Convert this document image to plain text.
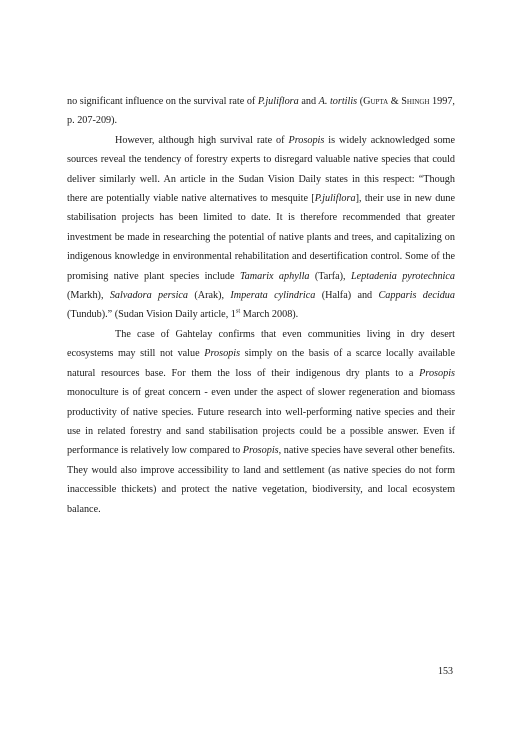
no significant influence on the survival rate of P.juliflora and A. tortilis (Gupta & Shingh 1997, p. 207-209).

However, although high survival rate of Prosopis is widely acknowledged some sources reveal the tendency of forestry experts to disregard valuable native species that could deliver similarly well. An article in the Sudan Vision Daily states in this respect: “Though there are potentially viable native alternatives to mesquite [P.juliflora], their use in new dune stabilisation projects has been limited to date. It is therefore recommended that greater investment be made in researching the potential of native plants and trees, and capitalizing on indigenous knowledge in environmental rehabilitation and desertification control. Some of the promising native plant species include Tamarix aphylla (Tarfa), Leptadenia pyrotechnica (Markh), Salvadora persica (Arak), Imperata cylindrica (Halfa) and Capparis decidua (Tundub).” (Sudan Vision Daily article, 1st March 2008).

The case of Gahtelay confirms that even communities living in dry desert ecosystems may still not value Prosopis simply on the basis of a scarce locally available natural resources base. For them the loss of their indigenous dry plants to a Prosopis monoculture is of great concern - even under the aspect of slower regeneration and biomass productivity of native species. Future research into well-performing native species and their use in related forestry and sand stabilisation projects could be a possible answer. Even if performance is relatively low compared to Prosopis, native species have several other benefits. They would also improve accessibility to land and settlement (as native species do not form inaccessible thickets) and protect the native vegetation, biodiversity, and local ecosystem balance.

153
